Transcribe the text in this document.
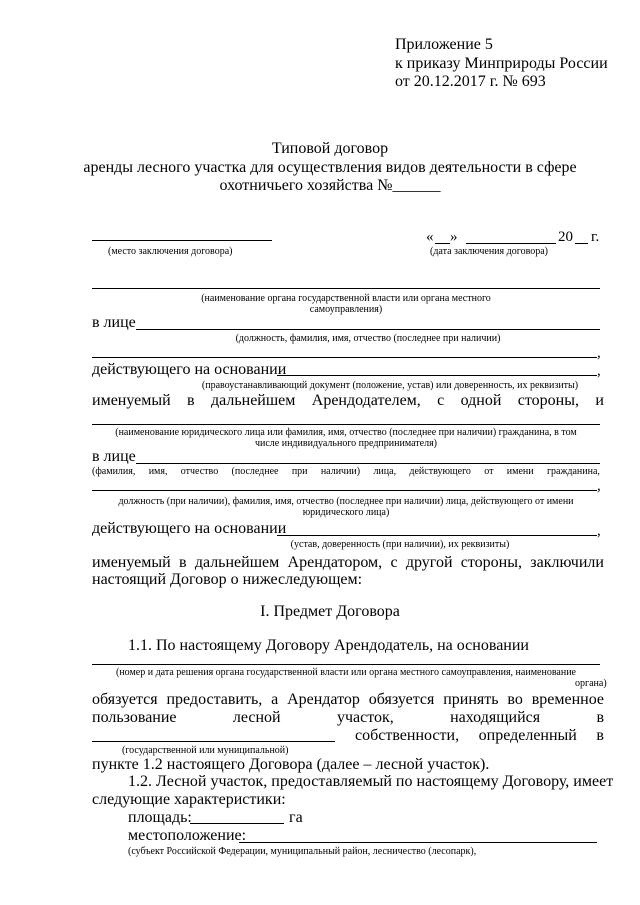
Приложение 5
к приказу Минприроды России
от 20.12.2017 г. № 693
Типовой договор
аренды лесного участка для осуществления видов деятельности в сфере
охотничьего хозяйства №______
(место заключения договора)
« »	20 г.
(дата заключения договора)
(наименование органа государственной власти или органа местного
самоуправления)
в лице
(должность, фамилия, имя, отчество (последнее при наличии)
,
действующего на основании	,
(правоустанавливающий документ (положение, устав) или доверенность, их реквизиты)
именуемый в дальнейшем Арендодателем, с одной стороны, и
(наименование юридического лица или фамилия, имя, отчество (последнее при наличии) гражданина, в том
числе индивидуального предпринимателя)
в лице
(фамилия, имя, отчество (последнее при наличии) лица, действующего от имени гражданина,
,
должность (при наличии), фамилия, имя, отчество (последнее при наличии) лица, действующего от имени
юридического лица)
действующего на основании	,
(устав, доверенность (при наличии), их реквизиты)
именуемый в дальнейшем Арендатором, с другой стороны, заключили
настоящий Договор о нижеследующем:
I. Предмет Договора
1.1. По настоящему Договору Арендодатель, на основании
(номер и дата решения органа государственной власти или органа местного самоуправления, наименование
органа)
обязуется предоставить, а Арендатор обязуется принять во временное
пользование	лесной	участок,	находящийся	в
собственности, определенный в
(государственной или муниципальной)
пункте 1.2 настоящего Договора (далее – лесной участок).
1.2. Лесной участок, предоставляемый по настоящему Договору, имеет
следующие характеристики:
площадь:	га
местоположение:
(субъект Российской Федерации, муниципальный район, лесничество (лесопарк),
